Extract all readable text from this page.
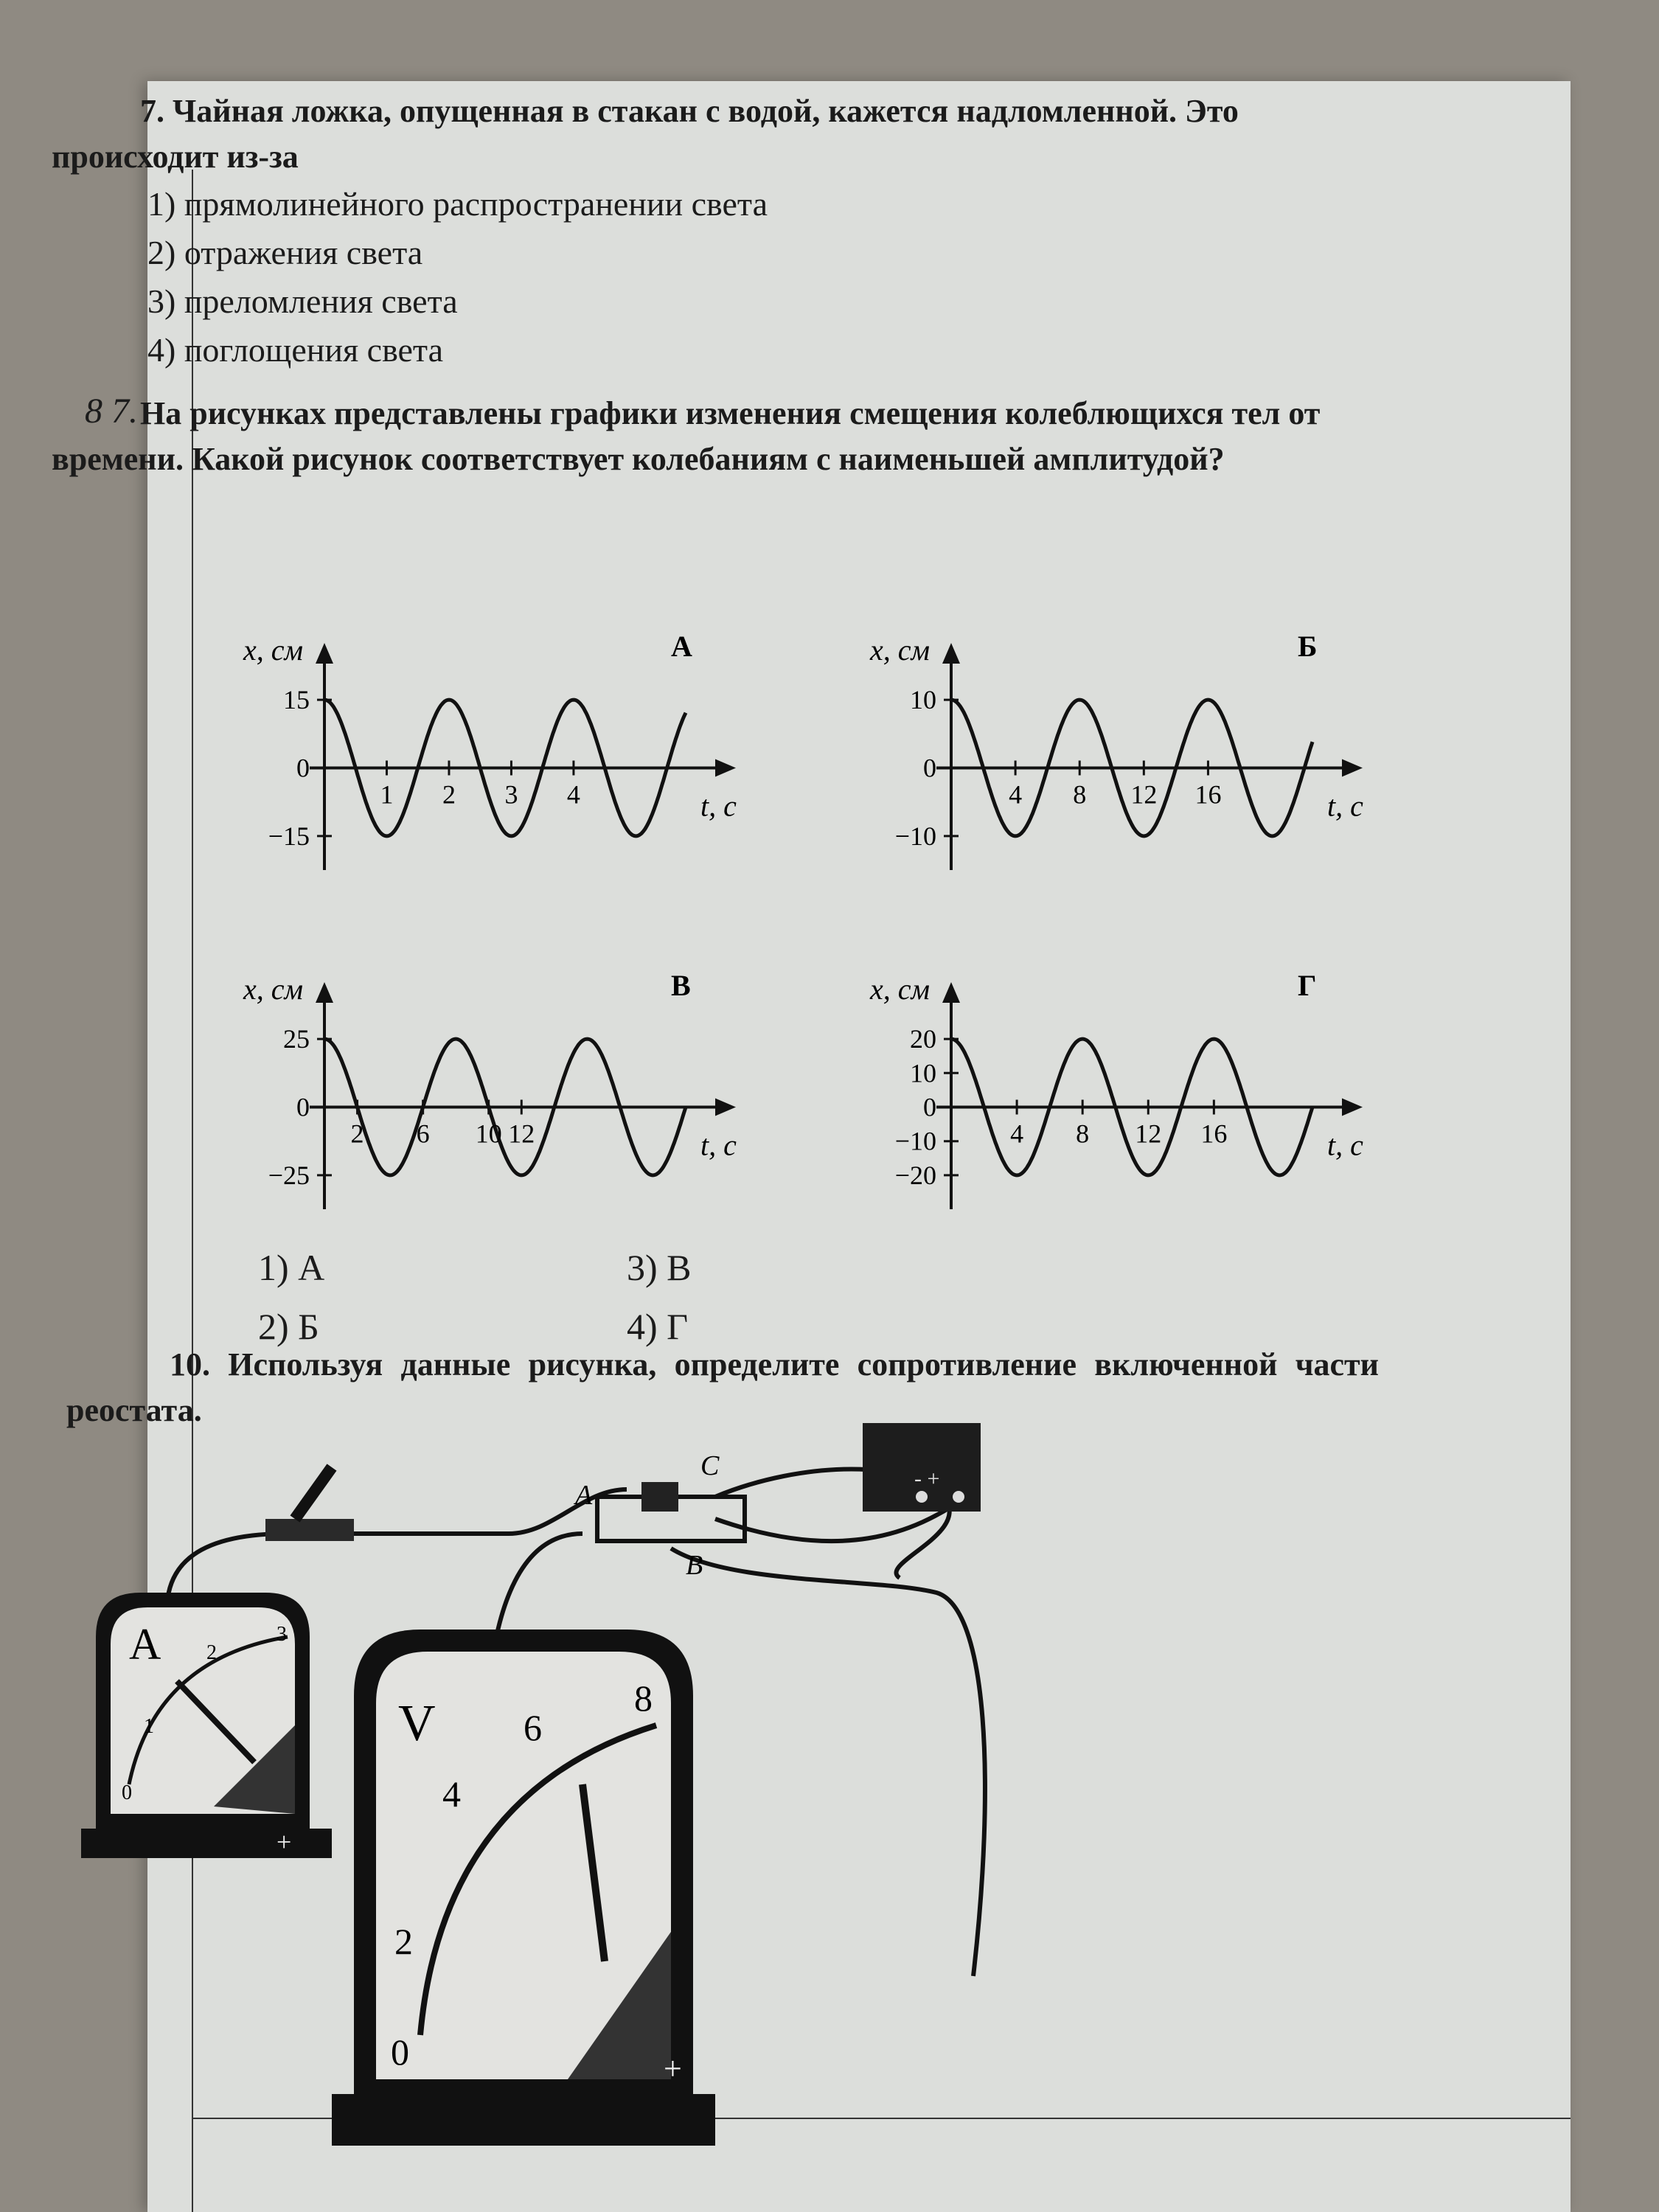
7. Чайная ложка, опущенная в стакан с водой, кажется надломленной. Это происходит из-за

1) прямолинейного распространении света
2) отражения света
3) преломления света
4) поглощения света
8 7. На рисунках представлены графики изменения смещения колеблющихся тел от времени. Какой рисунок соответствует колебаниям с наименьшей амплитудой?

x, см
t, с
А
15
0
−15
1 2 3 4
x, см
t, с
Б
10
0
−10
4 8 12 16
x, см
t, с
В
25
0
−25
2 6 10 12
x, см
t, с
Г
20
10
0
−10
−20
4 8 12 16
1) А
2) Б
3) В
4) Г

10. Используя данные рисунка, определите сопротивление включенной части реостата.

A
B
C	- +
A
0
1
2
3
+
V
0
2
4
6
8
+
